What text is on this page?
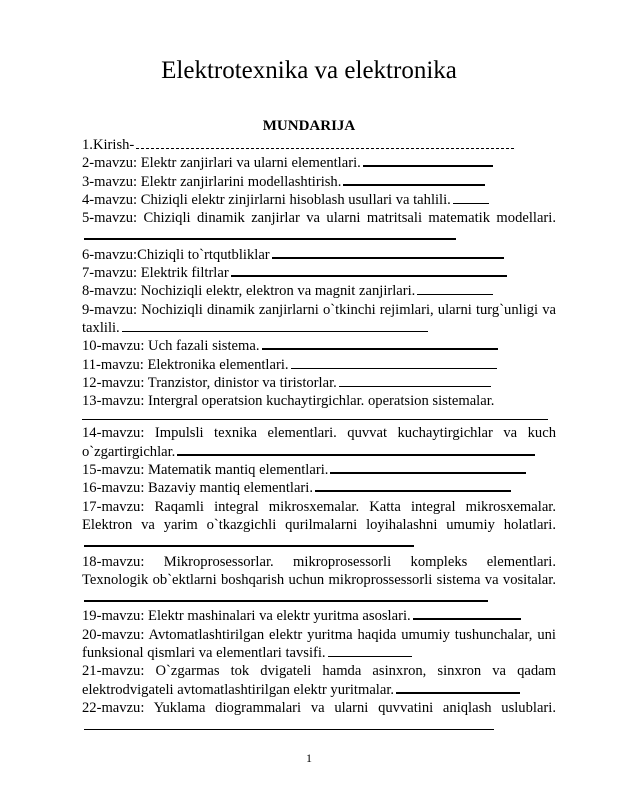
Elektrotexnika va elektronika
MUNDARIJA

1.Kirish-

2-mavzu: Elektr zanjirlari va ularni elementlari.

3-mavzu: Elektr zanjirlarini modellashtirish.

4-mavzu: Chiziqli elektr zinjirlarni hisoblash usullari va tahlili.

5-mavzu: Chiziqli dinamik zanjirlar va ularni matritsali matematik modellari.

6-mavzu:Chiziqli to`rtqutbliklar

7-mavzu: Elektrik filtrlar

8-mavzu: Nochiziqli elektr, elektron va magnit zanjirlari.

9-mavzu: Nochiziqli dinamik zanjirlarni o`tkinchi rejimlari, ularni turg`unligi va taxlili.

10-mavzu: Uch fazali sistema.

11-mavzu: Elektronika elementlari.

12-mavzu: Tranzistor, dinistor va tiristorlar.

13-mavzu: Intergral operatsion kuchaytirgichlar. operatsion sistemalar.

14-mavzu: Impulsli texnika elementlari. quvvat kuchaytirgichlar va kuch o`zgartirgichlar.

15-mavzu: Matematik mantiq elementlari.

16-mavzu: Bazaviy mantiq elementlari.

17-mavzu: Raqamli integral mikrosxemalar. Katta integral mikrosxemalar. Elektron va yarim o`tkazgichli qurilmalarni loyihalashni umumiy holatlari.

18-mavzu: Mikroprosessorlar. mikroprosessorli kompleks elementlari. Texnologik ob`ektlarni boshqarish uchun mikroprossessorli sistema va vositalar.

19-mavzu: Elektr mashinalari va elektr yuritma asoslari.

20-mavzu: Avtomatlashtirilgan elektr yuritma haqida umumiy tushunchalar, uni funksional qismlari va elementlari tavsifi.

21-mavzu: O`zgarmas tok dvigateli hamda asinxron, sinxron va qadam elektrodvigateli avtomatlashtirilgan elektr yuritmalar.

22-mavzu: Yuklama diogrammalari va ularni quvvatini aniqlash uslublari.

1
